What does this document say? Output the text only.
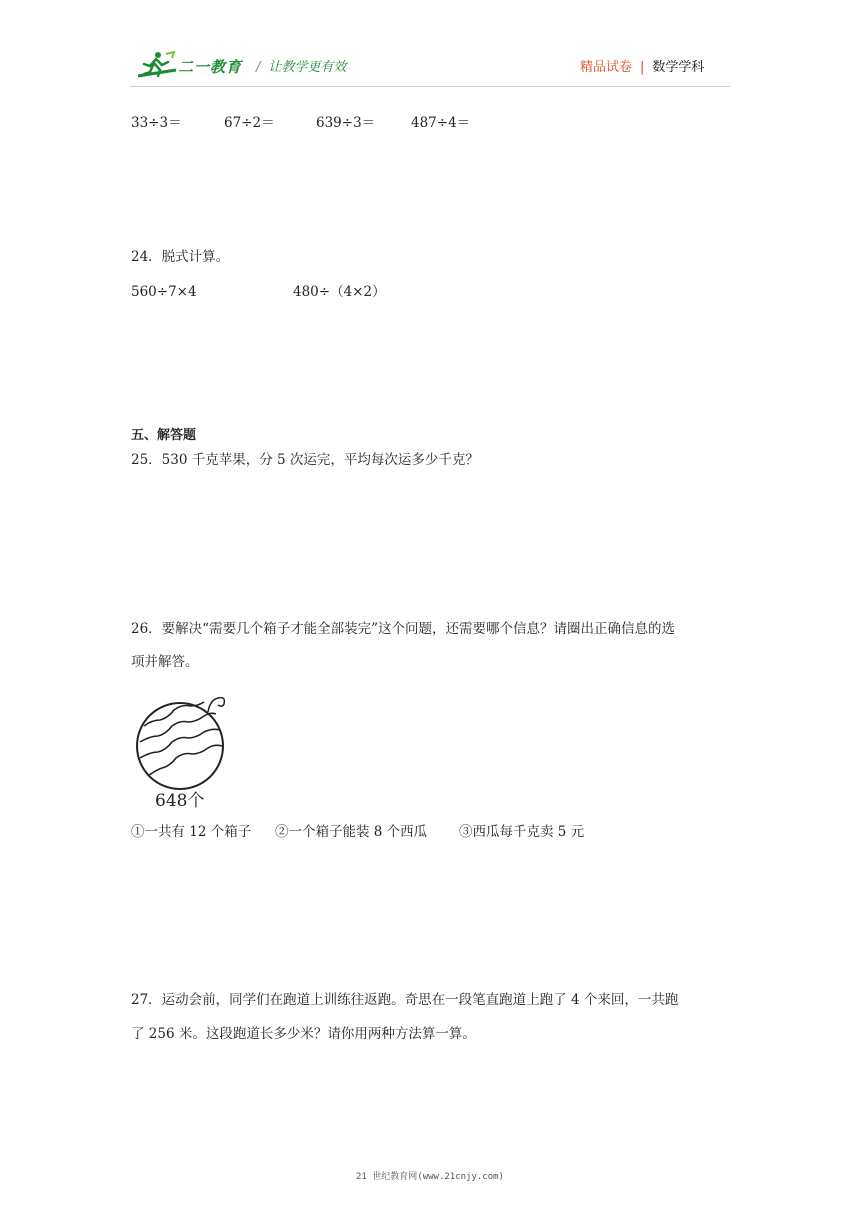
二一教育 / 让教学更有效	精品试卷 | 数学学科
33÷3＝	67÷2＝	639÷3＝	487÷4＝
24．脱式计算。
560÷7×4	480÷（4×2）
五、解答题
25．530 千克苹果，分 5 次运完，平均每次运多少千克？
26．要解决“需要几个箱子才能全部装完”这个问题，还需要哪个信息？请圈出正确信息的选
项并解答。
648个
①一共有 12 个箱子 ②一个箱子能装 8 个西瓜 ③西瓜每千克卖 5 元
27．运动会前，同学们在跑道上训练往返跑。奇思在一段笔直跑道上跑了 4 个来回，一共跑
了 256 米。这段跑道长多少米？请你用两种方法算一算。
21 世纪教育网(www.21cnjy.com)
